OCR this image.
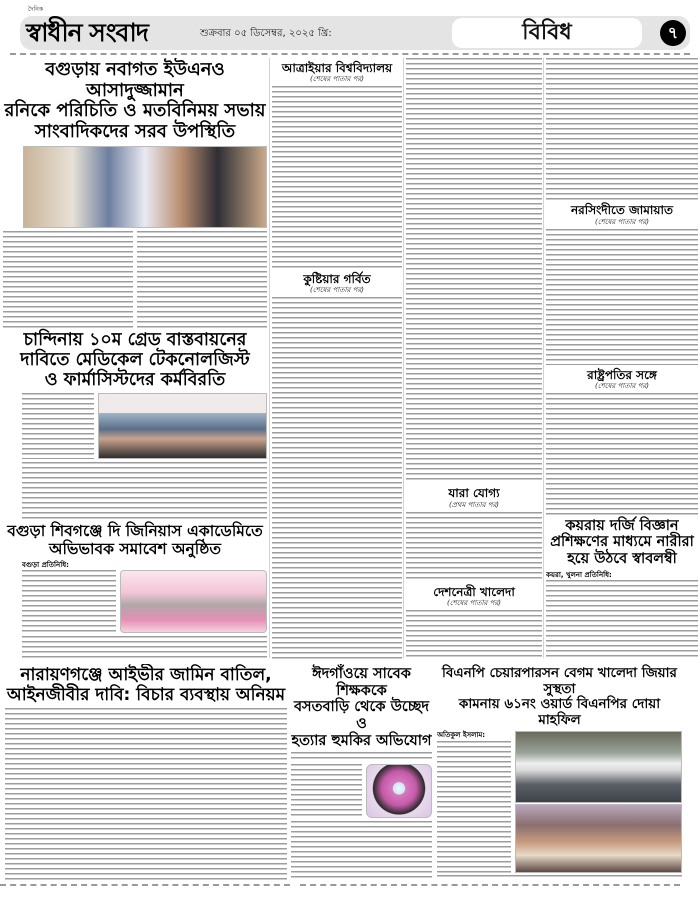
দৈনিক
স্বাধীন সংবাদ	শুক্রবার ০৫ ডিসেম্বর, ২০২৫ খ্রি:	বিবিধ	৭
বগুড়ায় নবাগত ইউএনও আসাদুজ্জামান
রনিকে পরিচিতি ও মতবিনিময় সভায়
সাংবাদিকদের সরব উপস্থিতি
চান্দিনায় ১০ম গ্রেড বাস্তবায়নের
দাবিতে মেডিকেল টেকনোলজিস্ট
ও ফার্মাসিস্টদের কর্মবিরতি
বগুড়া শিবগঞ্জে দি জিনিয়াস একাডেমিতে
অভিভাবক সমাবেশ অনুষ্ঠিত
বগুড়া প্রতিনিধি:
আত্রাইয়ার বিশ্ববিদ্যালয়
(শেষের পাতার পর)
কুষ্টিয়ার গর্বিত
(শেষের পাতার পর)
যারা যোগ্য
(প্রথম পাতার পর)
দেশনেত্রী খালেদা
(শেষের পাতার পর)
নরসিংদীতে জামায়াত
(শেষের পাতার পর)
রাষ্ট্রপতির সঙ্গে
(শেষের পাতার পর)
কয়রায় দর্জি বিজ্ঞান
প্রশিক্ষণের মাধ্যমে নারীরা
হয়ে উঠবে স্বাবলম্বী
কয়রা, খুলনা প্রতিনিধি:
নারায়ণগঞ্জে আইভীর জামিন বাতিল,
আইনজীবীর দাবি: বিচার ব্যবস্থায় অনিয়ম
ঈদগাঁওয়ে সাবেক শিক্ষককে
বসতবাড়ি থেকে উচ্ছেদ ও
হত্যার হুমকির অভিযোগ
বিএনপি চেয়ারপারসন বেগম খালেদা জিয়ার সুস্থতা
কামনায় ৬১নং ওয়ার্ড বিএনপির দোয়া মাহফিল
অতিকুল ইসলাম:
